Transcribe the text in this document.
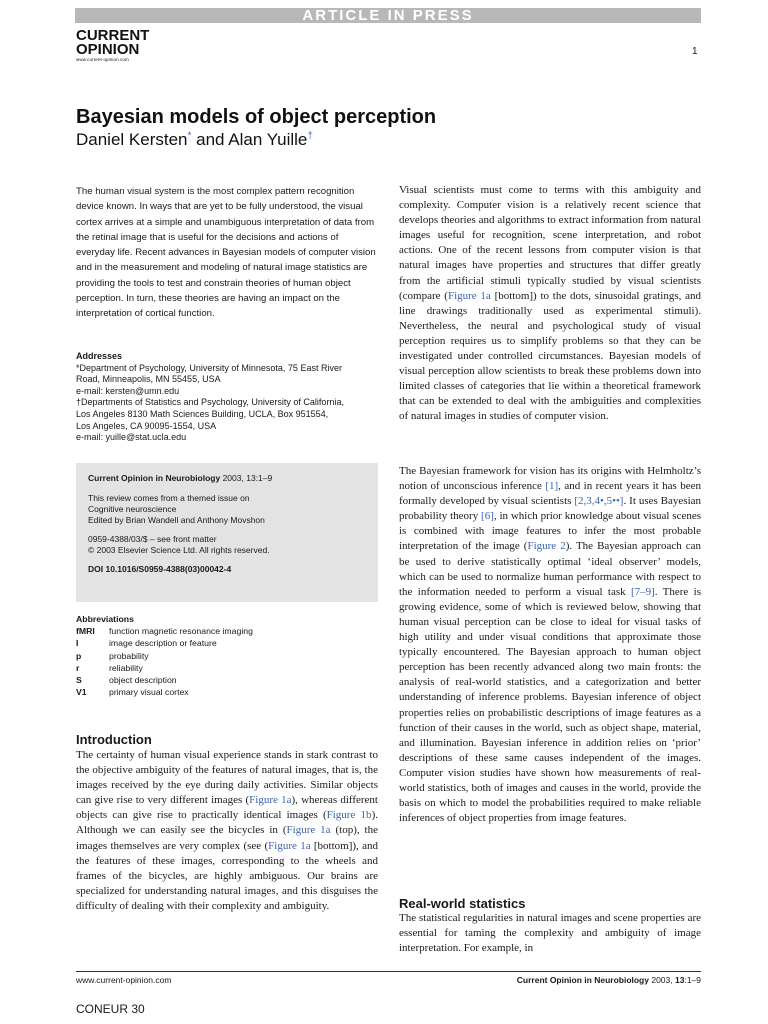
ARTICLE IN PRESS
CURRENT
OPINION
www.current-opinion.com
1
Bayesian models of object perception
Daniel Kersten* and Alan Yuille†
The human visual system is the most complex pattern recognition device known. In ways that are yet to be fully understood, the visual cortex arrives at a simple and unambiguous interpretation of data from the retinal image that is useful for the decisions and actions of everyday life. Recent advances in Bayesian models of computer vision and in the measurement and modeling of natural image statistics are providing the tools to test and constrain theories of human object perception. In turn, these theories are having an impact on the interpretation of cortical function.

Addresses

*Department of Psychology, University of Minnesota, 75 East River

Road, Minneapolis, MN 55455, USA

e-mail: kersten@umn.edu

†Departments of Statistics and Psychology, University of California,

Los Angeles 8130 Math Sciences Building, UCLA, Box 951554,

Los Angeles, CA 90095-1554, USA

e-mail: yuille@stat.ucla.edu

Current Opinion in Neurobiology 2003, 13:1–9

This review comes from a themed issue on

Cognitive neuroscience

Edited by Brian Wandell and Anthony Movshon

0959-4388/03/$ – see front matter

© 2003 Elsevier Science Ltd. All rights reserved.

DOI 10.1016/S0959-4388(03)00042-4

Abbreviations
fMRI	function magnetic resonance imaging
I	image description or feature
p	probability
r	reliability
S	object description
V1	primary visual cortex
Introduction
The certainty of human visual experience stands in stark contrast to the objective ambiguity of the features of natural images, that is, the images received by the eye during daily activities. Similar objects can give rise to very different images (Figure 1a), whereas different objects can give rise to practically identical images (Figure 1b). Although we can easily see the bicycles in (Figure 1a (top), the images themselves are very complex (see (Figure 1a [bottom]), and the features of these images, corresponding to the wheels and frames of the bicycles, are highly ambiguous. Our brains are specialized for understanding natural images, and this disguises the difficulty of dealing with their complexity and ambiguity.
Visual scientists must come to terms with this ambiguity and complexity. Computer vision is a relatively recent science that develops theories and algorithms to extract information from natural images useful for recognition, scene interpretation, and robot actions. One of the recent lessons from computer vision is that natural images have properties and structures that differ greatly from the artificial stimuli typically studied by visual scientists (compare (Figure 1a [bottom]) to the dots, sinusoidal gratings, and line drawings traditionally used as experimental stimuli). Nevertheless, the neural and psychological study of visual perception requires us to simplify problems so that they can be investigated under controlled circumstances. Bayesian models of visual perception allow scientists to break these problems down into limited classes of categories that lie within a theoretical framework that can be extended to deal with the ambiguities and complexities of natural images in studies of computer vision.
The Bayesian framework for vision has its origins with Helmholtz’s notion of unconscious inference [1], and in recent years it has been formally developed by visual scientists [2,3,4•,5••]. It uses Bayesian probability theory [6], in which prior knowledge about visual scenes is combined with image features to infer the most probable interpretation of the image (Figure 2). The Bayesian approach can be used to derive statistically optimal ‘ideal observer’ models, which can be used to normalize human performance with respect to the information needed to perform a visual task [7–9]. There is growing evidence, some of which is reviewed below, showing that human visual perception can be close to ideal for visual tasks of high utility and under visual conditions that approximate those typically encountered. The Bayesian approach to human object perception has been recently advanced along two main fronts: the analysis of real-world statistics, and a categorization and better understanding of inference problems. Bayesian inference of object properties relies on probabilistic descriptions of image features as a function of their causes in the world, such as object shape, material, and illumination. Bayesian inference in addition relies on ‘prior’ descriptions of these same causes independent of the images. Computer vision studies have shown how measurements of real-world statistics, both of images and causes in the world, provide the basis on which to model the probabilities required to make reliable inferences of object properties from image features.
Real-world statistics
The statistical regularities in natural images and scene properties are essential for taming the complexity and ambiguity of image interpretation. For example, in
www.current-opinion.com	Current Opinion in Neurobiology 2003, 13:1–9
CONEUR 30
